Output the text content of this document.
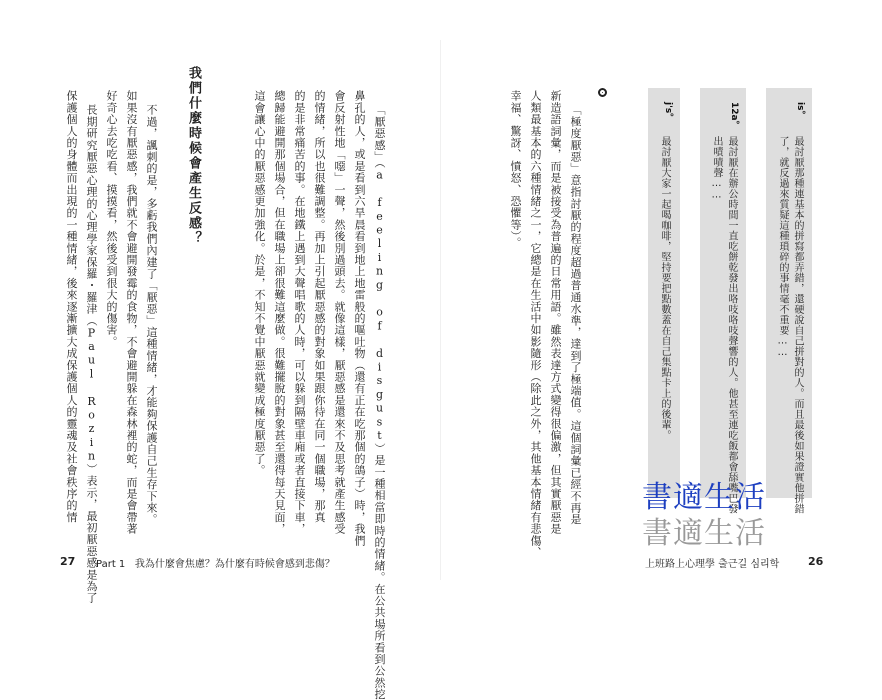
is。
最討厭那種連基本的拼寫都弄錯，還硬說自己拼對的人。而且最後如果證實他拼錯
了，就反過來質疑這種瑣碎的事情毫不重要……
12a。
最討厭在辦公時間一直吃餅乾發出咯吱咯吱聲響的人。他甚至連吃飯都會舔嘴巴發
出嘖嘖聲……
j's。
最討厭大家一起喝咖啡，堅持要把點數蓋在自己集點卡上的後輩。
「極度厭惡」意指討厭的程度超過普通水準，達到了極端值。這個詞彙已經不再是
新造語詞彙，而是被接受為普遍的日常用語。雖然表達方式變得很偏激，但其實厭惡是
人類最基本的六種情緒之一，它總是在生活中如影隨形（除此之外，其他基本情緒有悲傷、
幸福、驚訝、憤怒、恐懼等）。
書適生活
書適生活
上班路上心理學 출근길 심리학	26
「厭惡感」（a feeling of disgust）是一種相當即時的情緒。在公共場所看到公然挖
鼻孔的人，或是看到六旱晨看到地上地雷般的嘔吐物（還有正在吃那個的鴿子）時，我們
會反射性地「噁」一聲，然後別過頭去。就像這樣，厭惡感是還來不及思考就產生感受
的情緒，所以也很難調整。再加上引起厭惡感的對象如果跟你待在同一個職場，那真
的是非常痛苦的事。在地鐵上遇到大聲唱歌的人時，可以躲到隔壁車廂或者直接下車，
總歸能避開那個場合，但在職場上卻很難這麼做。很難擺脫的對象甚至還得每天見面，
這會讓心中的厭惡感更加強化。於是，不知不覺中厭惡就變成極度厭惡了。
我們什麼時候會產生反感？
不過，諷刺的是，多虧我們內建了「厭惡」這種情緒，才能夠保護自己生存下來。
如果沒有厭惡感，我們就不會避開發霉的食物，不會避開躲在森林裡的蛇，而是會帶著
好奇心去吃吃看、摸摸看，然後受到很大的傷害。
長期研究厭惡心理的心理學家保羅・羅津（Paul Rozin）表示，最初厭惡感是為了
保護個人的身體而出現的一種情緒，後來逐漸擴大成保護個人的靈魂及社會秩序的情
27 Part 1 我為什麼會焦慮？為什麼有時候會感到悲傷？
